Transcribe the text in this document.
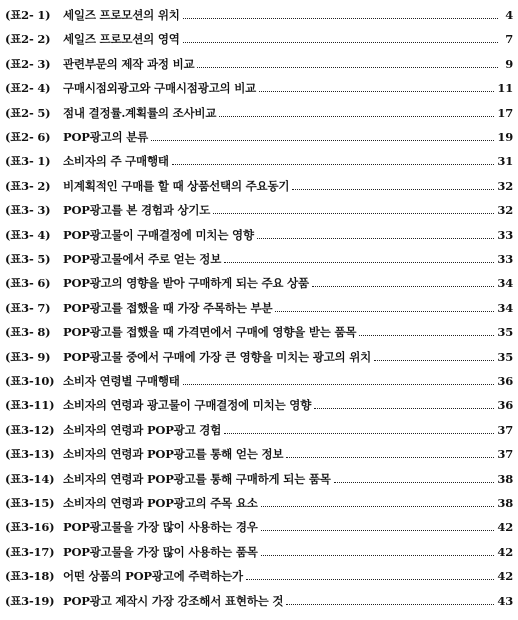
(표2- 1)	세일즈 프로모션의 위치	4
(표2- 2)	세일즈 프로모션의 영역	7
(표2- 3)	관련부문의 제작 과정 비교	9
(표2- 4)	구매시점외광고와 구매시점광고의 비교	11
(표2- 5)	점내 결정률.계획률의 조사비교	17
(표2- 6)	POP광고의 분류	19
(표3- 1)	소비자의 주 구매행태	31
(표3- 2)	비계획적인 구매를 할 때 상품선택의 주요동기	32
(표3- 3)	POP광고를 본 경험과 상기도	32
(표3- 4)	POP광고물이 구매결정에 미치는 영향	33
(표3- 5)	POP광고물에서 주로 얻는 정보	33
(표3- 6)	POP광고의 영향을 받아 구매하게 되는 주요 상품	34
(표3- 7)	POP광고를 접했을 때 가장 주목하는 부분	34
(표3- 8)	POP광고를 접했을 때 가격면에서 구매에 영향을 받는 품목	35
(표3- 9)	POP광고물 중에서 구매에 가장 큰 영향을 미치는 광고의 위치	35
(표3-10) 소비자 연령별 구매행태	36
(표3-11) 소비자의 연령과 광고물이 구매결정에 미치는 영향	36
(표3-12) 소비자의 연령과 POP광고 경험	37
(표3-13) 소비자의 연령과 POP광고를 통해 얻는 정보	37
(표3-14) 소비자의 연령과 POP광고를 통해 구매하게 되는 품목	38
(표3-15) 소비자의 연령과 POP광고의 주목 요소	38
(표3-16) POP광고물을 가장 많이 사용하는 경우	42
(표3-17) POP광고물을 가장 많이 사용하는 품목	42
(표3-18) 어떤 상품의 POP광고에 주력하는가	42
(표3-19) POP광고 제작시 가장 강조해서 표현하는 것	43
